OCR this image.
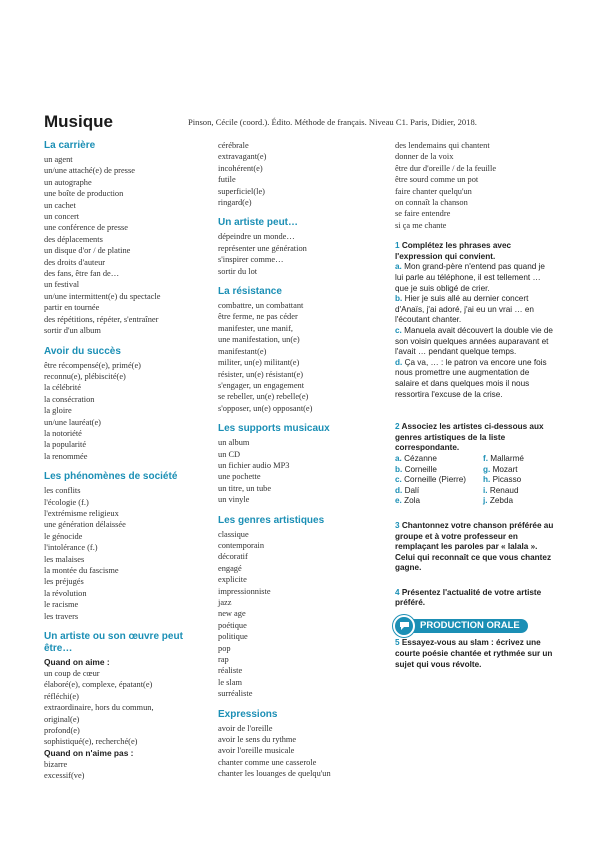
Musique	Pinson, Cécile (coord.). Édito. Méthode de français. Niveau C1. Paris, Didier, 2018.
La carrière
un agent
un/une attaché(e) de presse
un autographe
une boîte de production
un cachet
un concert
une conférence de presse
des déplacements
un disque d'or / de platine
des droits d'auteur
des fans, être fan de…
un festival
un/une intermittent(e) du spectacle
partir en tournée
des répétitions, répéter, s'entraîner
sortir d'un album
Avoir du succès
être récompensé(e), primé(e)
reconnu(e), plébiscité(e)
la célébrité
la consécration
la gloire
un/une lauréat(e)
la notoriété
la popularité
la renommée
Les phénomènes de société
les conflits
l'écologie (f.)
l'extrémisme religieux
une génération délaissée
le génocide
l'intolérance (f.)
les malaises
la montée du fascisme
les préjugés
la révolution
le racisme
les travers
Un artiste ou son œuvre peut être…
Quand on aime :
un coup de cœur
élaboré(e), complexe, épatant(e)
réfléchi(e)
extraordinaire, hors du commun,
original(e)
profond(e)
sophistiqué(e), recherché(e)
Quand on n'aime pas :
bizarre
excessif(ve)
cérébrale
extravagant(e)
incohérent(e)
futile
superficiel(le)
ringard(e)
Un artiste peut…
dépeindre un monde…
représenter une génération
s'inspirer comme…
sortir du lot
La résistance
combattre, un combattant
être ferme, ne pas céder
manifester, une manif,
une manifestation, un(e)
manifestant(e)
militer, un(e) militant(e)
résister, un(e) résistant(e)
s'engager, un engagement
se rebeller, un(e) rebelle(e)
s'opposer, un(e) opposant(e)
Les supports musicaux
un album
un CD
un fichier audio MP3
une pochette
un titre, un tube
un vinyle
Les genres artistiques
classique
contemporain
décoratif
engagé
explicite
impressionniste
jazz
new age
poétique
politique
pop
rap
réaliste
le slam
surréaliste
Expressions
avoir de l'oreille
avoir le sens du rythme
avoir l'oreille musicale
chanter comme une casserole
chanter les louanges de quelqu'un
des lendemains qui chantent
donner de la voix
être dur d'oreille / de la feuille
être sourd comme un pot
faire chanter quelqu'un
on connaît la chanson
se faire entendre
si ça me chante
1 Complétez les phrases avec l'expression qui convient.
a. Mon grand-père n'entend pas quand je lui parle au téléphone, il est tellement … que je suis obligé de crier.
b. Hier je suis allé au dernier concert d'Anaïs, j'ai adoré, j'ai eu un vrai … en l'écoutant chanter.
c. Manuela avait découvert la double vie de son voisin quelques années auparavant et l'avait … pendant quelque temps.
d. Ça va, … : le patron va encore une fois nous promettre une augmentation de salaire et dans quelques mois il nous ressortira l'excuse de la crise.
2 Associez les artistes ci-dessous aux genres artistiques de la liste correspondante.
a. Cézanne
b. Corneille
c. Corneille (Pierre)
d. Dalí
e. Zola
f. Mallarmé
g. Mozart
h. Picasso
i. Renaud
j. Zebda
3 Chantonnez votre chanson préférée au groupe et à votre professeur en remplaçant les paroles par « lalala ». Celui qui reconnaît ce que vous chantez gagne.
4 Présentez l'actualité de votre artiste préféré.
PRODUCTION ORALE
5 Essayez-vous au slam : écrivez une courte poésie chantée et rythmée sur un sujet qui vous révolte.
